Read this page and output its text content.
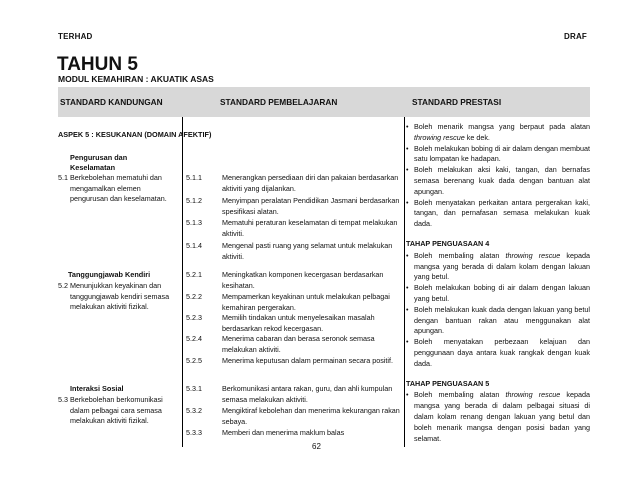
TERHAD	DRAF
TAHUN 5
MODUL KEMAHIRAN : AKUATIK ASAS
STANDARD KANDUNGAN	STANDARD PEMBELAJARAN	STANDARD PRESTASI
ASPEK 5 : KESUKANAN (DOMAIN AFEKTIF)
Pengurusan dan Keselamatan
5.1 Berkebolehan mematuhi dan mengamalkan elemen pengurusan dan keselamatan.
5.1.1	Menerangkan persediaan diri dan pakaian berdasarkan aktiviti yang dijalankan.
5.1.2	Menyimpan peralatan Pendidikan Jasmani berdasarkan spesifikasi alatan.
5.1.3	Mematuhi peraturan keselamatan di tempat melakukan aktiviti.
5.1.4	Mengenal pasti ruang yang selamat untuk melakukan aktiviti.
Tanggungjawab Kendiri
5.2 Menunjukkan keyakinan dan tanggungjawab kendiri semasa melakukan aktiviti fizikal.
5.2.1	Meningkatkan komponen kecergasan berdasarkan kesihatan.
5.2.2	Mempamerkan keyakinan untuk melakukan pelbagai kemahiran pergerakan.
5.2.3	Memilih tindakan untuk menyelesaikan masalah berdasarkan rekod kecergasan.
5.2.4	Menerima cabaran dan berasa seronok semasa melakukan aktiviti.
5.2.5	Menerima keputusan dalam permainan secara positif.
Interaksi Sosial
5.3 Berkebolehan berkomunikasi dalam pelbagai cara semasa melakukan aktiviti fizikal.
5.3.1	Berkomunikasi antara rakan, guru, dan ahli kumpulan semasa melakukan aktiviti.
5.3.2	Mengiktiraf kebolehan dan menerima kekurangan rakan sebaya.
5.3.3	Memberi dan menerima maklum balas
• Boleh menarik mangsa yang berpaut pada alatan throwing rescue ke dek.
• Boleh melakukan bobing di air dalam dengan membuat satu lompatan ke hadapan.
• Boleh melakukan aksi kaki, tangan, dan bernafas semasa berenang kuak dada dengan bantuan alat apungan.
• Boleh menyatakan perkaitan antara pergerakan kaki, tangan, dan pernafasan semasa melakukan kuak dada.
TAHAP PENGUASAAN 4
• Boleh membaling alatan throwing rescue kepada mangsa yang berada di dalam kolam dengan lakuan yang betul.
• Boleh melakukan bobing di air dalam dengan lakuan yang betul.
• Boleh melakukan kuak dada dengan lakuan yang betul dengan bantuan rakan atau menggunakan alat apungan.
• Boleh menyatakan perbezaan kelajuan dan penggunaan daya antara kuak rangkak dengan kuak dada.
TAHAP PENGUASAAN 5
• Boleh membaling alatan throwing rescue kepada mangsa yang berada di dalam pelbagai situasi di dalam kolam renang dengan lakuan yang betul dan boleh menarik mangsa dengan posisi badan yang selamat.
62
